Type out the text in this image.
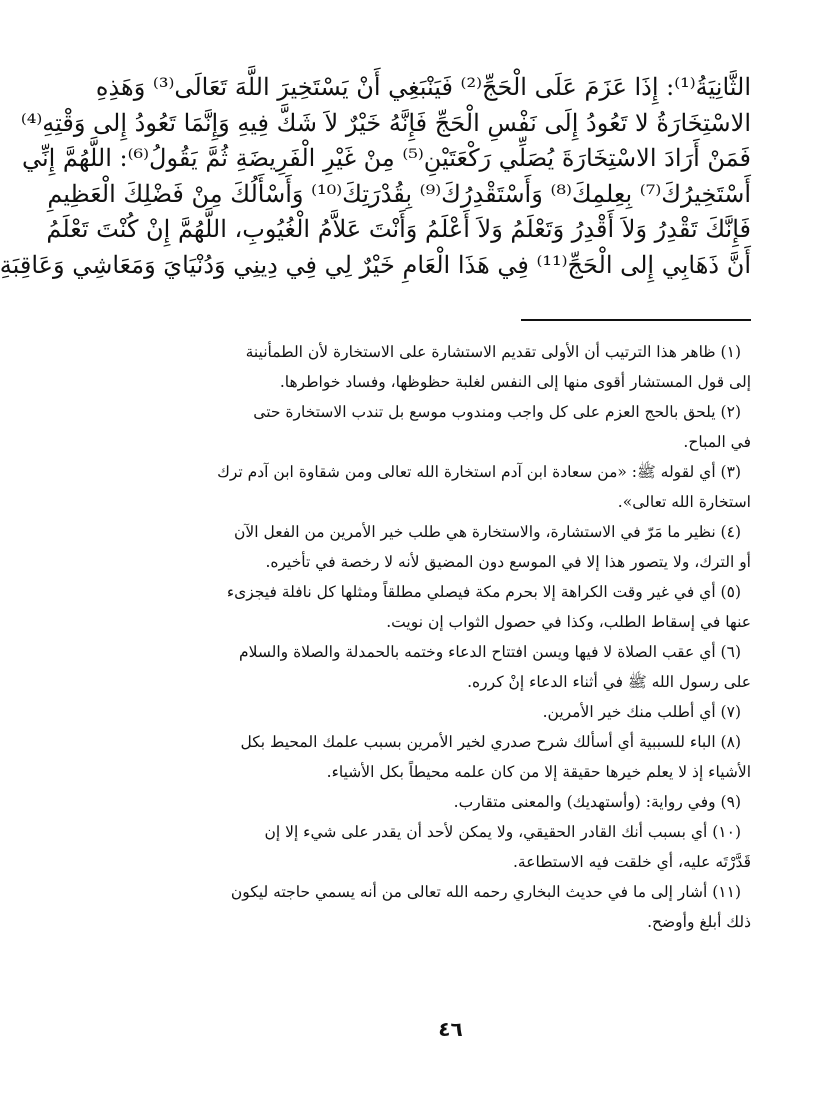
الثَّانِيَةُ⁽¹⁾: إِذَا عَزَمَ عَلَى الْحَجِّ⁽²⁾ فَيَنْبَغِي أَنْ يَسْتَخِيرَ اللَّهَ تَعَالَى⁽³⁾ وَهَذِهِ
الاسْتِخَارَةُ لا تَعُودُ إِلَى نَفْسِ الْحَجِّ فَإِنَّهُ خَيْرٌ لاَ شَكَّ فِيهِ وَإِنَّمَا تَعُودُ إِلى وَقْتِهِ⁽⁴⁾
فَمَنْ أَرَادَ الاسْتِخَارَةَ يُصَلِّي رَكْعَتَيْنِ⁽⁵⁾ مِنْ غَيْرِ الْفَرِيضَةِ ثُمَّ يَقُولُ⁽⁶⁾: اللَّهُمَّ إِنِّي
أَسْتَخِيرُكَ⁽⁷⁾ بِعِلمِكَ⁽⁸⁾ وَأَسْتَقْدِرُكَ⁽⁹⁾ بِقُدْرَتِكَ⁽¹⁰⁾ وَأَسْأَلُكَ مِنْ فَضْلِكَ الْعَظِيمِ
فَإِنَّكَ تَقْدِرُ وَلاَ أَقْدِرُ وَتَعْلَمُ وَلاَ أَعْلَمُ وَأَنْتَ عَلاَّمُ الْغُيُوبِ، اللَّهُمَّ إِنْ كُنْتَ تَعْلَمُ
أَنَّ ذَهَابِي إِلى الْحَجِّ⁽¹¹⁾ فِي هَذَا الْعَامِ خَيْرٌ لِي فِي دِينِي وَدُنْيَايَ وَمَعَاشِي وَعَاقِبَةِ
(١) ظاهر هذا الترتيب أن الأولى تقديم الاستشارة على الاستخارة لأن الطمأنينة
إلى قول المستشار أقوى منها إلى النفس لغلبة حظوظها، وفساد خواطرها.
(٢) يلحق بالحج العزم على كل واجب ومندوب موسع بل تندب الاستخارة حتى
في المباح.
(٣) أي لقوله ﷺ: «من سعادة ابن آدم استخارة الله تعالى ومن شقاوة ابن آدم ترك
استخارة الله تعالى».
(٤) نظير ما مَرّ في الاستشارة، والاستخارة هي طلب خير الأمرين من الفعل الآن
أو الترك، ولا يتصور هذا إلا في الموسع دون المضيق لأنه لا رخصة في تأخيره.
(٥) أي في غير وقت الكراهة إلا بحرم مكة فيصلي مطلقاً ومثلها كل نافلة فيجزىء
عنها في إسقاط الطلب، وكذا في حصول الثواب إن نويت.
(٦) أي عقب الصلاة لا فيها ويسن افتتاح الدعاء وختمه بالحمدلة والصلاة والسلام
على رسول الله ﷺ في أثناء الدعاء إنْ كرره.
(٧) أي أطلب منك خير الأمرين.
(٨) الباء للسببية أي أسألك شرح صدري لخير الأمرين بسبب علمك المحيط بكل
الأشياء إذ لا يعلم خيرها حقيقة إلا من كان علمه محيطاً بكل الأشياء.
(٩) وفي رواية: (وأستهديك) والمعنى متقارب.
(١٠) أي بسبب أنك القادر الحقيقي، ولا يمكن لأحد أن يقدر على شيء إلا إن
قَدَّرْتَه عليه، أي خلقت فيه الاستطاعة.
(١١) أشار إلى ما في حديث البخاري رحمه الله تعالى من أنه يسمي حاجته ليكون
ذلك أبلغ وأوضح.
٤٦
